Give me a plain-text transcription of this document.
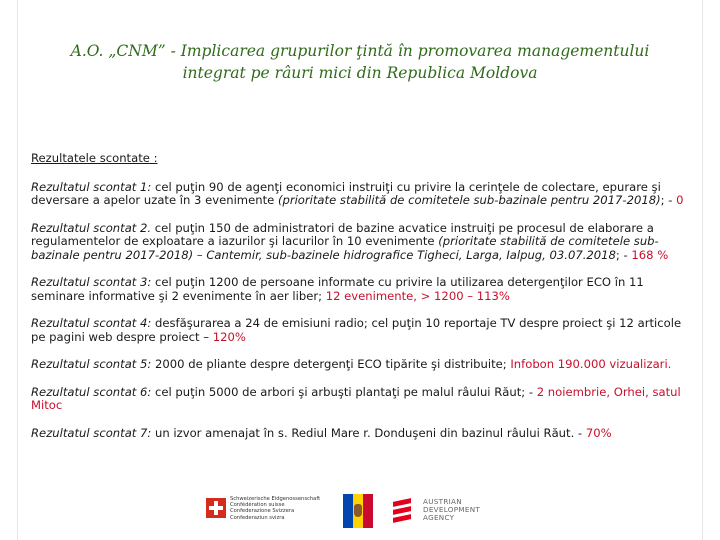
A.O. „CNM” - Implicarea grupurilor ţintă în promovarea managementului
integrat pe râuri mici din Republica Moldova
Rezultatele scontate :
Rezultatul scontat 1: cel puţin 90 de agenţi economici instruiţi cu privire la cerinţele de colectare, epurare şi deversare a apelor uzate în 3 evenimente (prioritate stabilită de comitetele sub-bazinale pentru 2017-2018); - 0
Rezultatul scontat 2. cel puţin 150 de administratori de bazine acvatice instruiţi pe procesul de elaborare a regulamentelor de exploatare a iazurilor şi lacurilor în 10 evenimente (prioritate stabilită de comitetele sub-bazinale pentru 2017-2018) – Cantemir, sub-bazinele hidrografice Tigheci, Larga, Ialpug, 03.07.2018; - 168 %
Rezultatul scontat 3: cel puţin 1200 de persoane informate cu privire la utilizarea detergenţilor ECO în 11 seminare informative şi 2 evenimente în aer liber; 12 evenimente, > 1200 – 113%
Rezultatul scontat 4: desfăşurarea a 24 de emisiuni radio; cel puţin 10 reportaje TV despre proiect şi 12 articole pe pagini web despre proiect – 120%
Rezultatul scontat 5: 2000 de pliante despre detergenţi ECO tipărite şi distribuite; Infobon 190.000 vizualizari.
Rezultatul scontat 6: cel puţin 5000 de arbori şi arbuşti plantaţi pe malul râului Răut; - 2 noiembrie, Orhei, satul Mitoc
Rezultatul scontat 7: un izvor amenajat în s. Rediul Mare r. Donduşeni din bazinul râului Răut. - 70%
Schweizerische Eidgenossenschaft
Confédération suisse
Confederazione Svizzera
Confederaziun svizra
AUSTRIAN
DEVELOPMENT
AGENCY
